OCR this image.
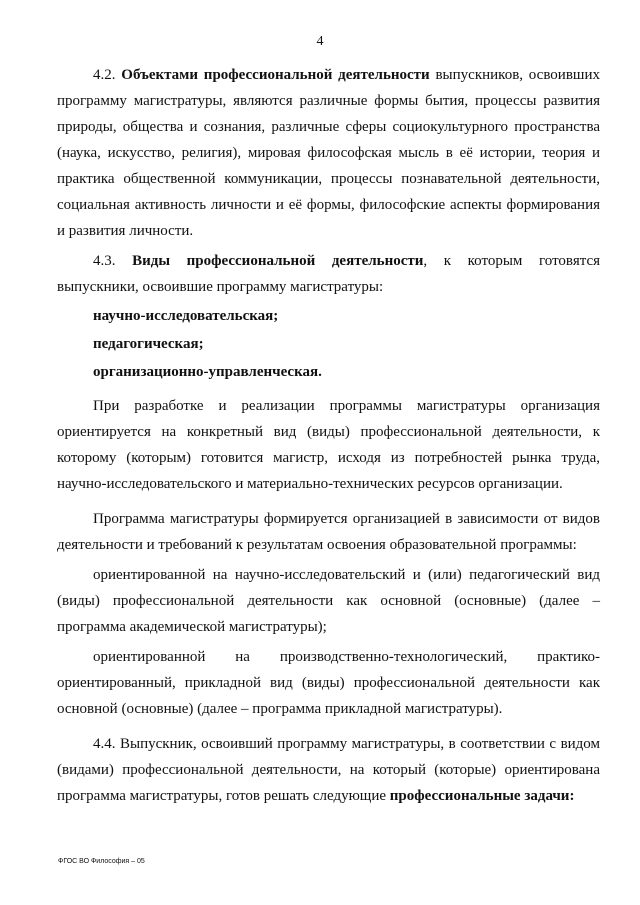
4

4.2. Объектами профессиональной деятельности выпускников, освоивших программу магистратуры, являются различные формы бытия, процессы развития природы, общества и сознания, различные сферы социокультурного пространства (наука, искусство, религия), мировая философская мысль в её истории, теория и практика общественной коммуникации, процессы познавательной деятельности, социальная активность личности и её формы, философские аспекты формирования и развития личности.

4.3. Виды профессиональной деятельности, к которым готовятся выпускники, освоившие программу магистратуры:

научно-исследовательская;

педагогическая;

организационно-управленческая.

При разработке и реализации программы магистратуры организация ориентируется на конкретный вид (виды) профессиональной деятельности, к которому (которым) готовится магистр, исходя из потребностей рынка труда, научно-исследовательского и материально-технических ресурсов организации.

Программа магистратуры формируется организацией в зависимости от видов деятельности и требований к результатам освоения образовательной программы:

ориентированной на научно-исследовательский и (или) педагогический вид (виды) профессиональной деятельности как основной (основные) (далее – программа академической магистратуры);

ориентированной на производственно-технологический, практико-ориентированный, прикладной вид (виды) профессиональной деятельности как основной (основные) (далее – программа прикладной магистратуры).

4.4. Выпускник, освоивший программу магистратуры, в соответствии с видом (видами) профессиональной деятельности, на который (которые) ориентирована программа магистратуры, готов решать следующие профессиональные задачи:

ФГОС ВО Философия – 05
